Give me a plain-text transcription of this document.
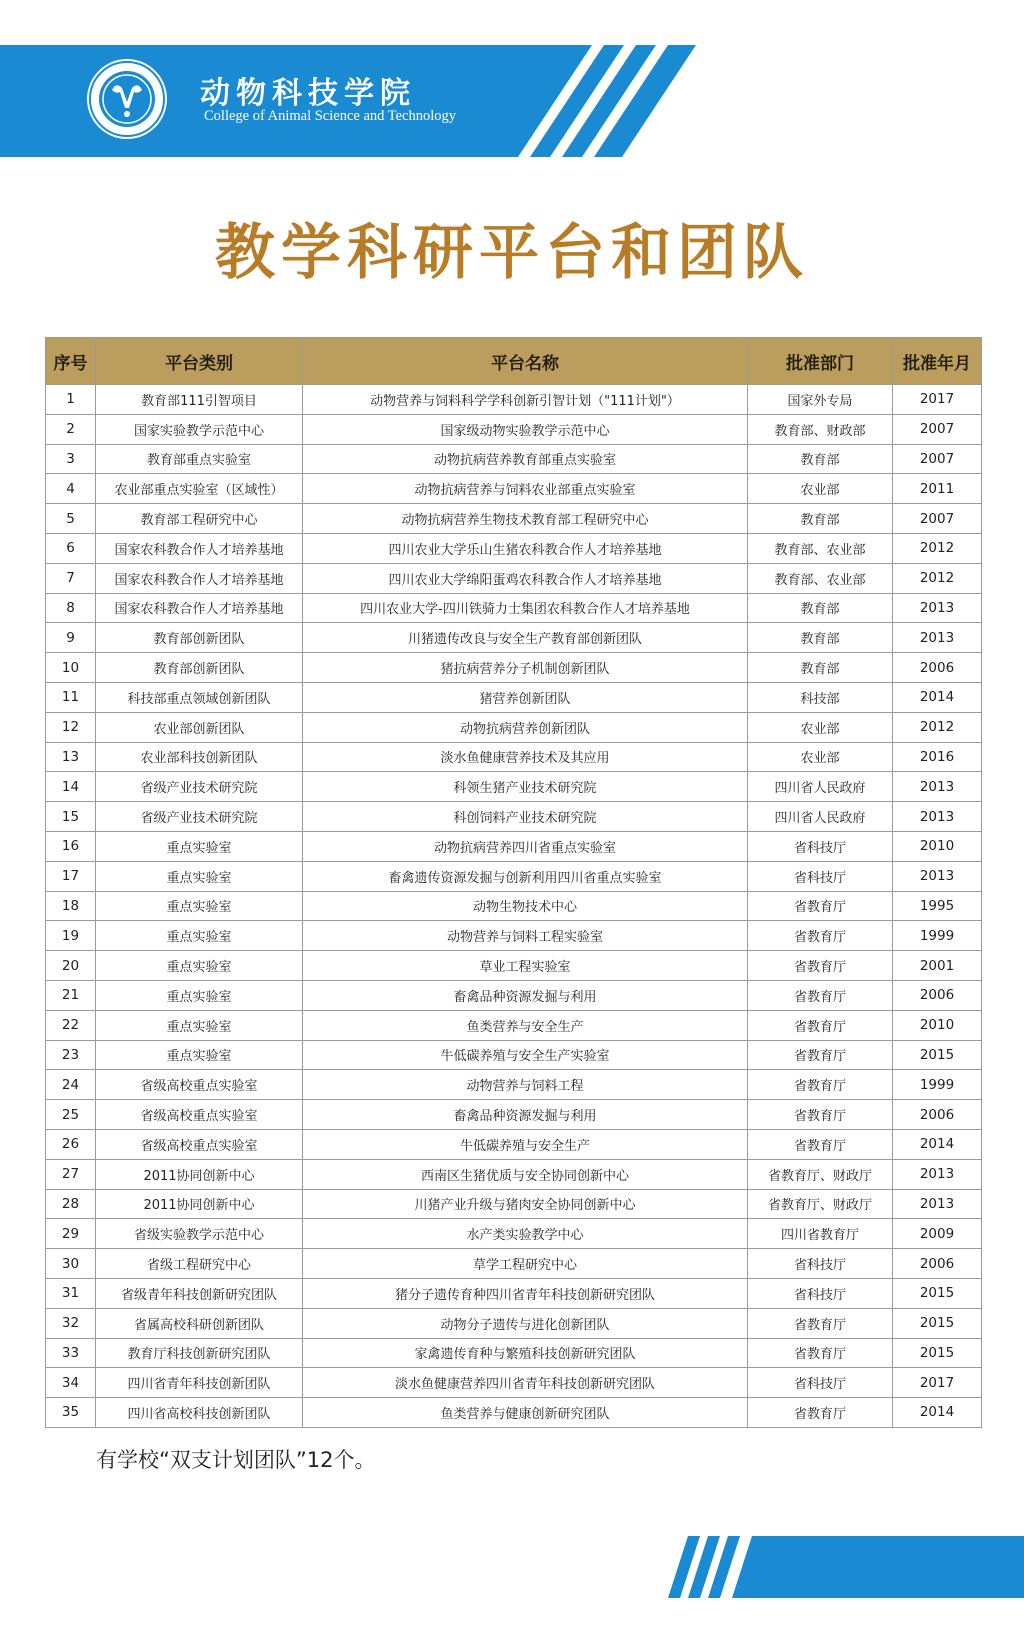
动物科技学院
College of Animal Science and Technology
教学科研平台和团队
序号	平台类别	平台名称	批准部门	批准年月
1	教育部111引智项目	动物营养与饲料科学学科创新引智计划（"111计划"）	国家外专局	2017
2	国家实验教学示范中心	国家级动物实验教学示范中心	教育部、财政部	2007
3	教育部重点实验室	动物抗病营养教育部重点实验室	教育部	2007
4	农业部重点实验室（区域性）	动物抗病营养与饲料农业部重点实验室	农业部	2011
5	教育部工程研究中心	动物抗病营养生物技术教育部工程研究中心	教育部	2007
6	国家农科教合作人才培养基地	四川农业大学乐山生猪农科教合作人才培养基地	教育部、农业部	2012
7	国家农科教合作人才培养基地	四川农业大学绵阳蛋鸡农科教合作人才培养基地	教育部、农业部	2012
8	国家农科教合作人才培养基地	四川农业大学-四川铁骑力士集团农科教合作人才培养基地	教育部	2013
9	教育部创新团队	川猪遗传改良与安全生产教育部创新团队	教育部	2013
10	教育部创新团队	猪抗病营养分子机制创新团队	教育部	2006
11	科技部重点领域创新团队	猪营养创新团队	科技部	2014
12	农业部创新团队	动物抗病营养创新团队	农业部	2012
13	农业部科技创新团队	淡水鱼健康营养技术及其应用	农业部	2016
14	省级产业技术研究院	科领生猪产业技术研究院	四川省人民政府	2013
15	省级产业技术研究院	科创饲料产业技术研究院	四川省人民政府	2013
16	重点实验室	动物抗病营养四川省重点实验室	省科技厅	2010
17	重点实验室	畜禽遗传资源发掘与创新利用四川省重点实验室	省科技厅	2013
18	重点实验室	动物生物技术中心	省教育厅	1995
19	重点实验室	动物营养与饲料工程实验室	省教育厅	1999
20	重点实验室	草业工程实验室	省教育厅	2001
21	重点实验室	畜禽品种资源发掘与利用	省教育厅	2006
22	重点实验室	鱼类营养与安全生产	省教育厅	2010
23	重点实验室	牛低碳养殖与安全生产实验室	省教育厅	2015
24	省级高校重点实验室	动物营养与饲料工程	省教育厅	1999
25	省级高校重点实验室	畜禽品种资源发掘与利用	省教育厅	2006
26	省级高校重点实验室	牛低碳养殖与安全生产	省教育厅	2014
27	2011协同创新中心	西南区生猪优质与安全协同创新中心	省教育厅、财政厅	2013
28	2011协同创新中心	川猪产业升级与猪肉安全协同创新中心	省教育厅、财政厅	2013
29	省级实验教学示范中心	水产类实验教学中心	四川省教育厅	2009
30	省级工程研究中心	草学工程研究中心	省科技厅	2006
31	省级青年科技创新研究团队	猪分子遗传育种四川省青年科技创新研究团队	省科技厅	2015
32	省属高校科研创新团队	动物分子遗传与进化创新团队	省教育厅	2015
33	教育厅科技创新研究团队	家禽遗传育种与繁殖科技创新研究团队	省教育厅	2015
34	四川省青年科技创新团队	淡水鱼健康营养四川省青年科技创新研究团队	省科技厅	2017
35	四川省高校科技创新团队	鱼类营养与健康创新研究团队	省教育厅	2014
有学校“双支计划团队”12个。
